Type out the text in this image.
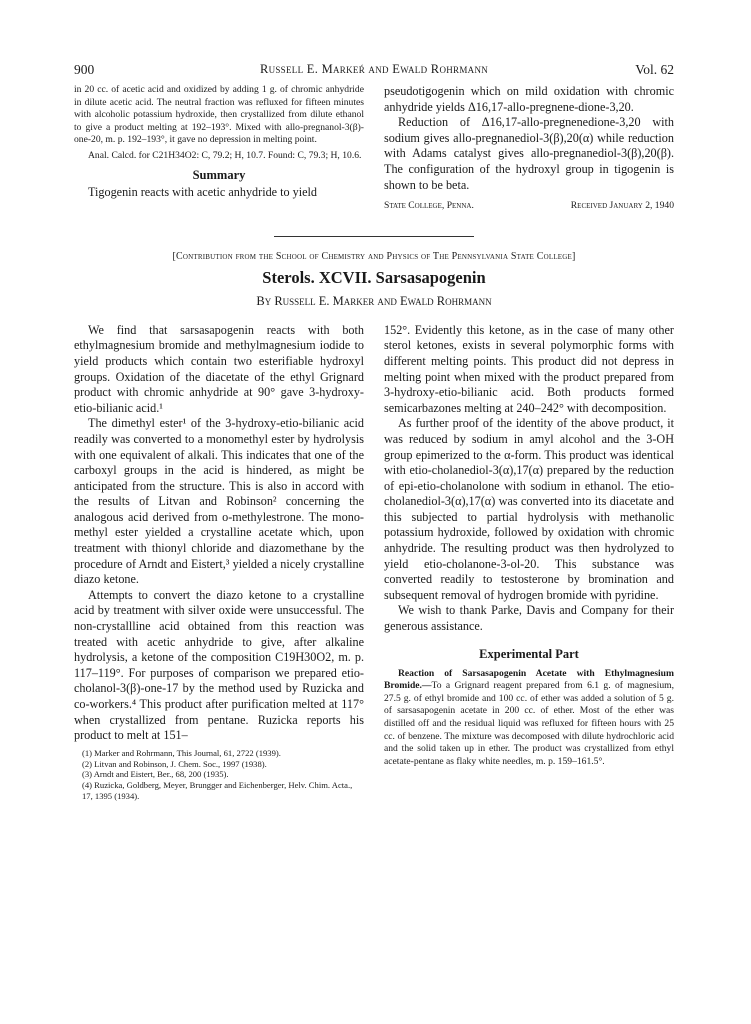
900	Russell E. Markeŕ and Ewald Rohrmann	Vol. 62

in 20 cc. of acetic acid and oxidized by adding 1 g. of chromic anhydride in dilute acetic acid. The neutral fraction was refluxed for fifteen minutes with alcoholic potassium hydroxide, then crystallized from dilute ethanol to give a product melting at 192–193°. Mixed with allo-pregnanol-3(β)-one-20, m. p. 192–193°, it gave no depression in melting point.

Anal. Calcd. for C21H34O2: C, 79.2; H, 10.7. Found: C, 79.3; H, 10.6.

Summary

Tigogenin reacts with acetic anhydride to yield

pseudotigogenin which on mild oxidation with chromic anhydride yields Δ16,17-allo-pregnene-dione-3,20.

Reduction of Δ16,17-allo-pregnenedione-3,20 with sodium gives allo-pregnanediol-3(β),20(α) while reduction with Adams catalyst gives allo-pregnanediol-3(β),20(β). The configuration of the hydroxyl group in tigogenin is shown to be beta.

State College, Penna.	Received January 2, 1940
[Contribution from the School of Chemistry and Physics of The Pennsylvania State College]
Sterols. XCVII. Sarsasapogenin
By Russell E. Marker and Ewald Rohrmann

We find that sarsasapogenin reacts with both ethylmagnesium bromide and methylmagnesium iodide to yield products which contain two esterifiable hydroxyl groups. Oxidation of the diacetate of the ethyl Grignard product with chromic anhydride at 90° gave 3-hydroxy-etio-bilianic acid.¹

The dimethyl ester¹ of the 3-hydroxy-etio-bilianic acid readily was converted to a monomethyl ester by hydrolysis with one equivalent of alkali. This indicates that one of the carboxyl groups in the acid is hindered, as might be anticipated from the structure. This is also in accord with the results of Litvan and Robinson² concerning the analogous acid derived from o-methylestrone. The mono-methyl ester yielded a crystalline acetate which, upon treatment with thionyl chloride and diazomethane by the procedure of Arndt and Eistert,³ yielded a nicely crystalline diazo ketone.

Attempts to convert the diazo ketone to a crystalline acid by treatment with silver oxide were unsuccessful. The non-crystallline acid obtained from this reaction was treated with acetic anhydride to give, after alkaline hydrolysis, a ketone of the composition C19H30O2, m. p. 117–119°. For purposes of comparison we prepared etio-cholanol-3(β)-one-17 by the method used by Ruzicka and co-workers.⁴ This product after purification melted at 117° when crystallized from pentane. Ruzicka reports his product to melt at 151–

(1) Marker and Rohrmann, This Journal, 61, 2722 (1939).
(2) Litvan and Robinson, J. Chem. Soc., 1997 (1938).
(3) Arndt and Eistert, Ber., 68, 200 (1935).
(4) Ruzicka, Goldberg, Meyer, Brungger and Eichenberger, Helv. Chim. Acta., 17, 1395 (1934).

152°. Evidently this ketone, as in the case of many other sterol ketones, exists in several polymorphic forms with different melting points. This product did not depress in melting point when mixed with the product prepared from 3-hydroxy-etio-bilianic acid. Both products formed semicarbazones melting at 240–242° with decomposition.

As further proof of the identity of the above product, it was reduced by sodium in amyl alcohol and the 3-OH group epimerized to the α-form. This product was identical with etio-cholanediol-3(α),17(α) prepared by the reduction of epi-etio-cholanolone with sodium in ethanol. The etio-cholanediol-3(α),17(α) was converted into its diacetate and this subjected to partial hydrolysis with methanolic potassium hydroxide, followed by oxidation with chromic anhydride. The resulting product was then hydrolyzed to yield etio-cholanone-3-ol-20. This substance was converted readily to testosterone by bromination and subsequent removal of hydrogen bromide with pyridine.

We wish to thank Parke, Davis and Company for their generous assistance.

Experimental Part

Reaction of Sarsasapogenin Acetate with Ethylmagnesium Bromide.—To a Grignard reagent prepared from 6.1 g. of magnesium, 27.5 g. of ethyl bromide and 100 cc. of ether was added a solution of 5 g. of sarsasapogenin acetate in 200 cc. of ether. Most of the ether was distilled off and the residual liquid was refluxed for fifteen hours with 25 cc. of benzene. The mixture was decomposed with dilute hydrochloric acid and the solid taken up in ether. The product was crystallized from ethyl acetate-pentane as flaky white needles, m. p. 159–161.5°.
